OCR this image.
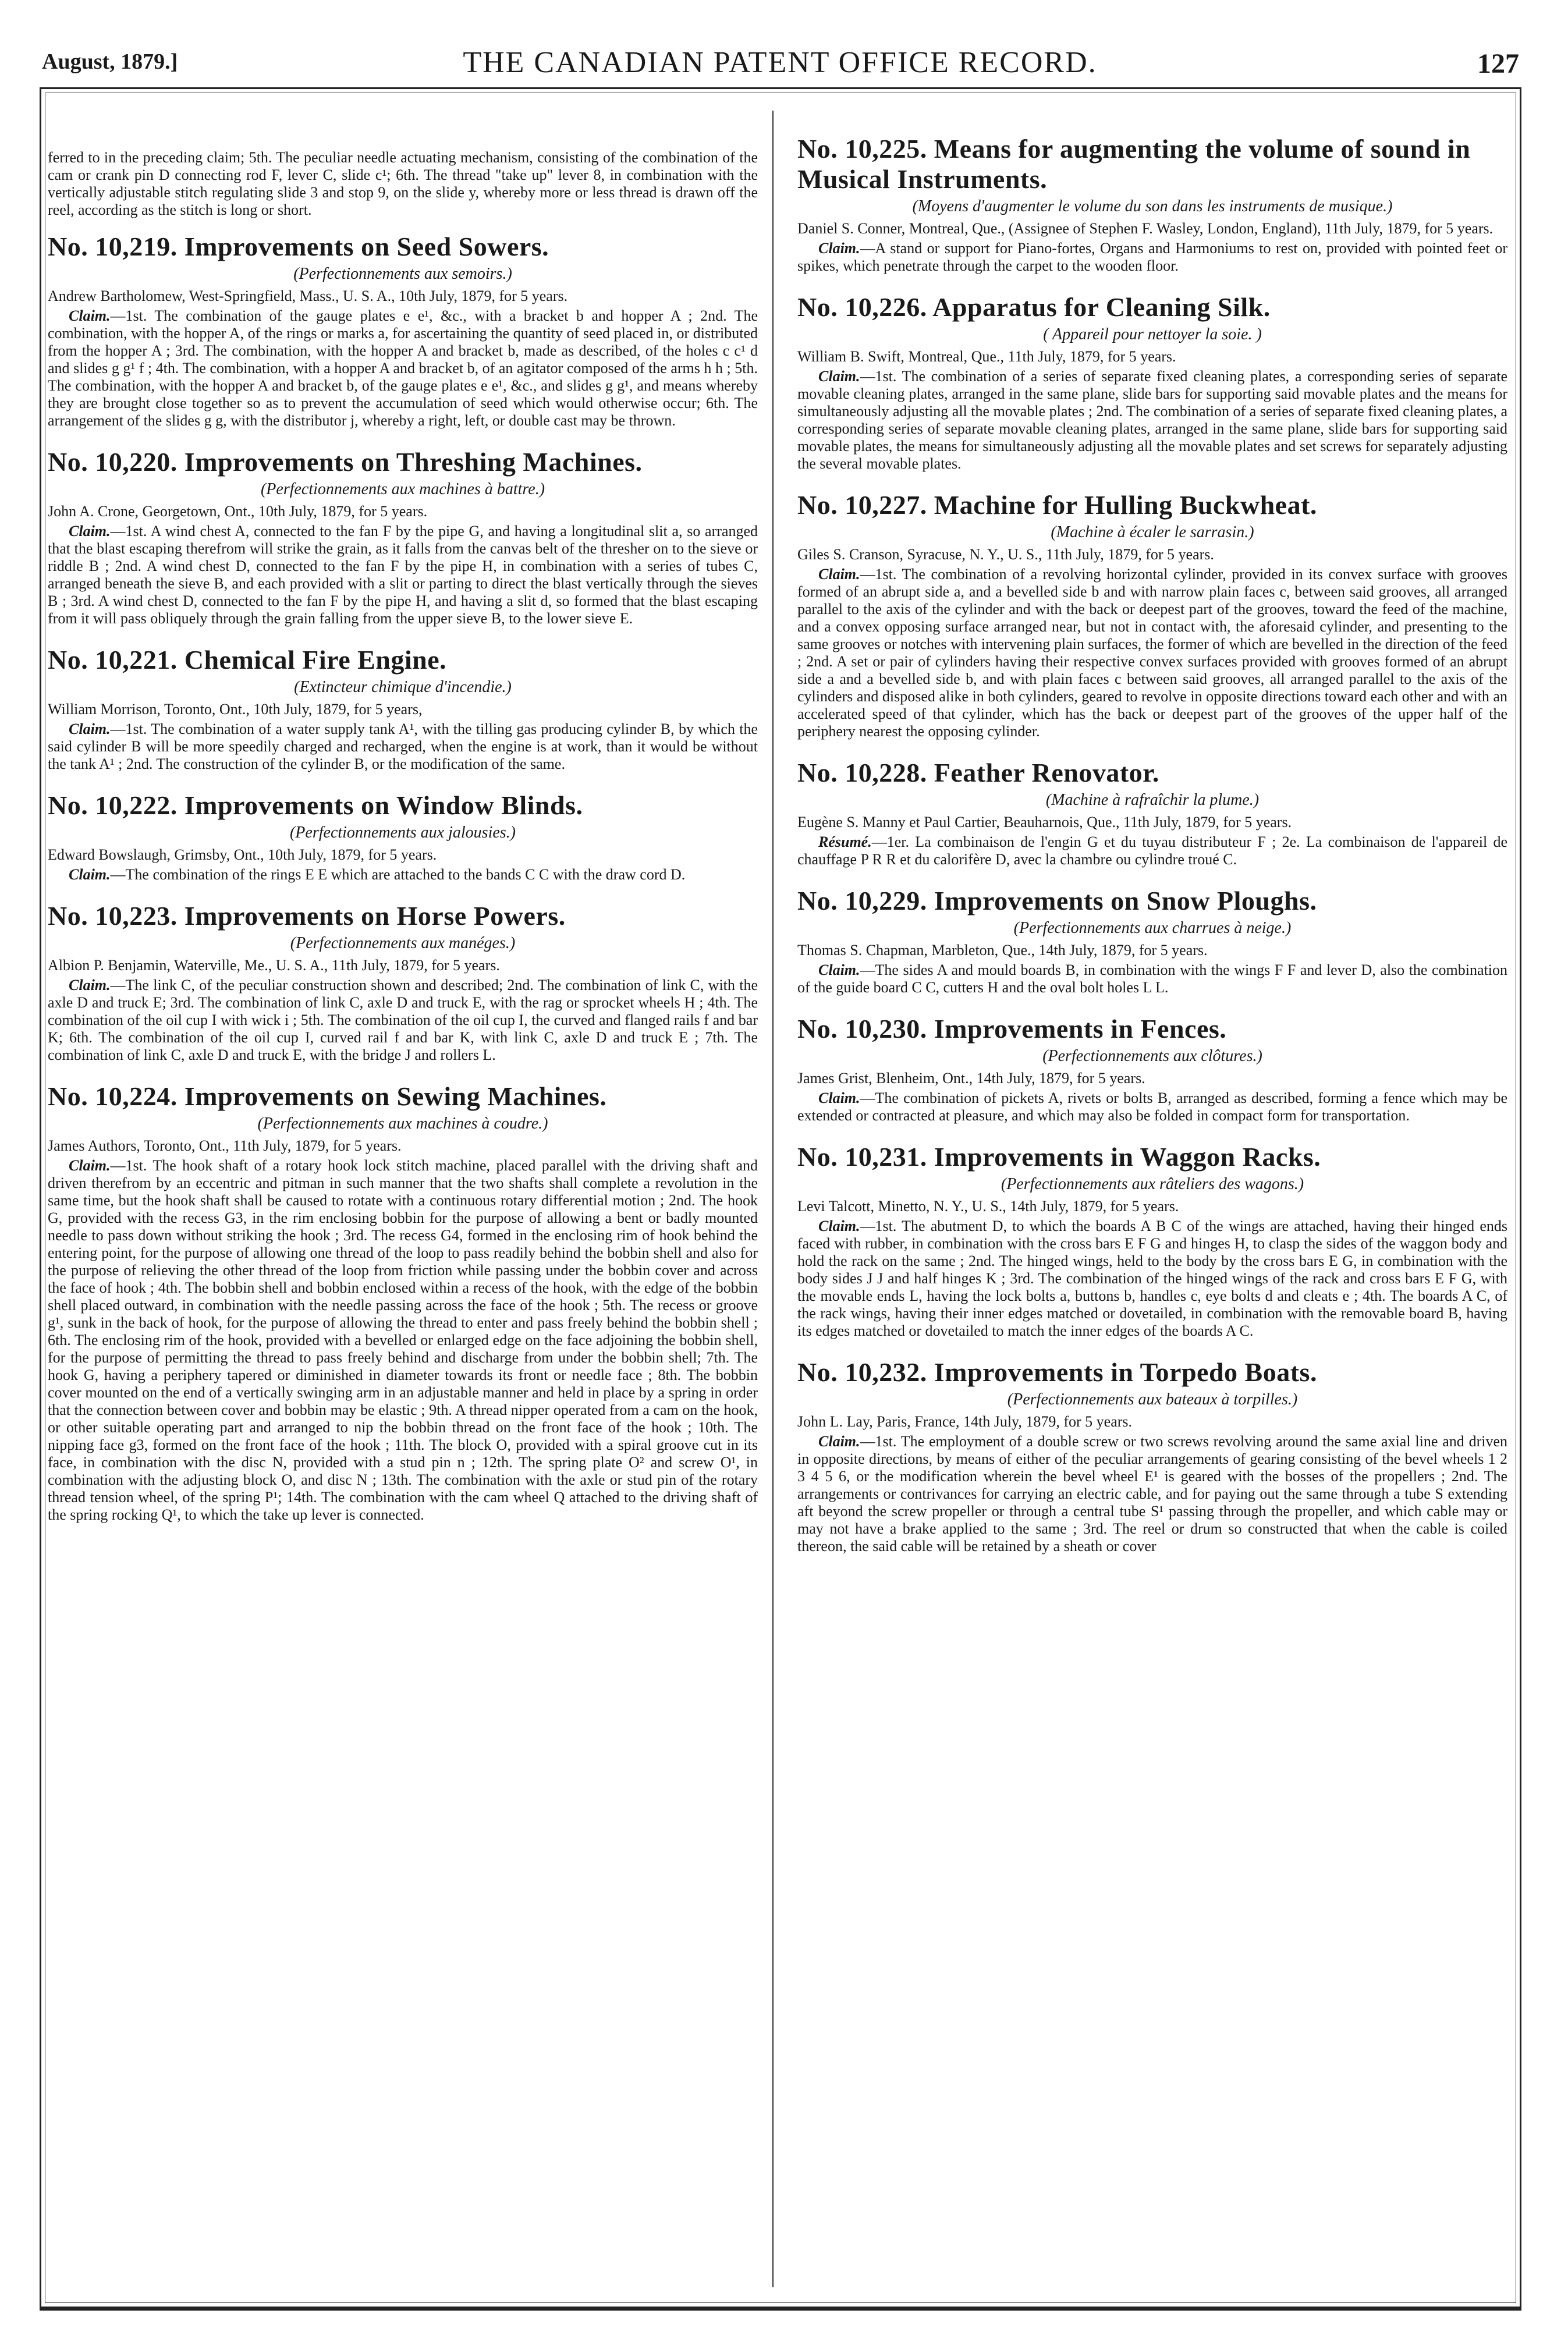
August, 1879.]	THE CANADIAN PATENT OFFICE RECORD.	127

ferred to in the preceding claim; 5th. The peculiar needle actuating mechanism, consisting of the combination of the cam or crank pin D connecting rod F, lever C, slide c¹; 6th. The thread "take up" lever 8, in combination with the vertically adjustable stitch regulating slide 3 and stop 9, on the slide y, whereby more or less thread is drawn off the reel, according as the stitch is long or short.

No. 10,219. Improvements on Seed Sowers.
(Perfectionnements aux semoirs.)

Andrew Bartholomew, West-Springfield, Mass., U. S. A., 10th July, 1879, for 5 years.

Claim.—1st. The combination of the gauge plates e e¹, &c., with a bracket b and hopper A ; 2nd. The combination, with the hopper A, of the rings or marks a, for ascertaining the quantity of seed placed in, or distributed from the hopper A ; 3rd. The combination, with the hopper A and bracket b, made as described, of the holes c c¹ d and slides g g¹ f ; 4th. The combination, with a hopper A and bracket b, of an agitator composed of the arms h h ; 5th. The combination, with the hopper A and bracket b, of the gauge plates e e¹, &c., and slides g g¹, and means whereby they are brought close together so as to prevent the accumulation of seed which would otherwise occur; 6th. The arrangement of the slides g g, with the distributor j, whereby a right, left, or double cast may be thrown.

No. 10,220. Improvements on Threshing Machines.
(Perfectionnements aux machines à battre.)

John A. Crone, Georgetown, Ont., 10th July, 1879, for 5 years.

Claim.—1st. A wind chest A, connected to the fan F by the pipe G, and having a longitudinal slit a, so arranged that the blast escaping therefrom will strike the grain, as it falls from the canvas belt of the thresher on to the sieve or riddle B ; 2nd. A wind chest D, connected to the fan F by the pipe H, in combination with a series of tubes C, arranged beneath the sieve B, and each provided with a slit or parting to direct the blast vertically through the sieves B ; 3rd. A wind chest D, connected to the fan F by the pipe H, and having a slit d, so formed that the blast escaping from it will pass obliquely through the grain falling from the upper sieve B, to the lower sieve E.

No. 10,221. Chemical Fire Engine.
(Extincteur chimique d'incendie.)

William Morrison, Toronto, Ont., 10th July, 1879, for 5 years,

Claim.—1st. The combination of a water supply tank A¹, with the tilling gas producing cylinder B, by which the said cylinder B will be more speedily charged and recharged, when the engine is at work, than it would be without the tank A¹ ; 2nd. The construction of the cylinder B, or the modification of the same.

No. 10,222. Improvements on Window Blinds.
(Perfectionnements aux jalousies.)

Edward Bowslaugh, Grimsby, Ont., 10th July, 1879, for 5 years.

Claim.—The combination of the rings E E which are attached to the bands C C with the draw cord D.

No. 10,223. Improvements on Horse Powers.
(Perfectionnements aux manéges.)

Albion P. Benjamin, Waterville, Me., U. S. A., 11th July, 1879, for 5 years.

Claim.—The link C, of the peculiar construction shown and described; 2nd. The combination of link C, with the axle D and truck E; 3rd. The combination of link C, axle D and truck E, with the rag or sprocket wheels H ; 4th. The combination of the oil cup I with wick i ; 5th. The combination of the oil cup I, the curved and flanged rails f and bar K; 6th. The combination of the oil cup I, curved rail f and bar K, with link C, axle D and truck E ; 7th. The combination of link C, axle D and truck E, with the bridge J and rollers L.

No. 10,224. Improvements on Sewing Machines.
(Perfectionnements aux machines à coudre.)

James Authors, Toronto, Ont., 11th July, 1879, for 5 years.

Claim.—1st. The hook shaft of a rotary hook lock stitch machine, placed parallel with the driving shaft and driven therefrom by an eccentric and pitman in such manner that the two shafts shall complete a revolution in the same time, but the hook shaft shall be caused to rotate with a continuous rotary differential motion ; 2nd. The hook G, provided with the recess G3, in the rim enclosing bobbin for the purpose of allowing a bent or badly mounted needle to pass down without striking the hook ; 3rd. The recess G4, formed in the enclosing rim of hook behind the entering point, for the purpose of allowing one thread of the loop to pass readily behind the bobbin shell and also for the purpose of relieving the other thread of the loop from friction while passing under the bobbin cover and across the face of hook ; 4th. The bobbin shell and bobbin enclosed within a recess of the hook, with the edge of the bobbin shell placed outward, in combination with the needle passing across the face of the hook ; 5th. The recess or groove g¹, sunk in the back of hook, for the purpose of allowing the thread to enter and pass freely behind the bobbin shell ; 6th. The enclosing rim of the hook, provided with a bevelled or enlarged edge on the face adjoining the bobbin shell, for the purpose of permitting the thread to pass freely behind and discharge from under the bobbin shell; 7th. The hook G, having a periphery tapered or diminished in diameter towards its front or needle face ; 8th. The bobbin cover mounted on the end of a vertically swinging arm in an adjustable manner and held in place by a spring in order that the connection between cover and bobbin may be elastic ; 9th. A thread nipper operated from a cam on the hook, or other suitable operating part and arranged to nip the bobbin thread on the front face of the hook ; 10th. The nipping face g3, formed on the front face of the hook ; 11th. The block O, provided with a spiral groove cut in its face, in combination with the disc N, provided with a stud pin n ; 12th. The spring plate O² and screw O¹, in combination with the adjusting block O, and disc N ; 13th. The combination with the axle or stud pin of the rotary thread tension wheel, of the spring P¹; 14th. The combination with the cam wheel Q attached to the driving shaft of the spring rocking Q¹, to which the take up lever is connected.

No. 10,225. Means for augmenting the volume of sound in Musical Instruments.
(Moyens d'augmenter le volume du son dans les instruments de musique.)

Daniel S. Conner, Montreal, Que., (Assignee of Stephen F. Wasley, London, England), 11th July, 1879, for 5 years.

Claim.—A stand or support for Piano-fortes, Organs and Harmoniums to rest on, provided with pointed feet or spikes, which penetrate through the carpet to the wooden floor.

No. 10,226. Apparatus for Cleaning Silk.
( Appareil pour nettoyer la soie. )

William B. Swift, Montreal, Que., 11th July, 1879, for 5 years.

Claim.—1st. The combination of a series of separate fixed cleaning plates, a corresponding series of separate movable cleaning plates, arranged in the same plane, slide bars for supporting said movable plates and the means for simultaneously adjusting all the movable plates ; 2nd. The combination of a series of separate fixed cleaning plates, a corresponding series of separate movable cleaning plates, arranged in the same plane, slide bars for supporting said movable plates, the means for simultaneously adjusting all the movable plates and set screws for separately adjusting the several movable plates.

No. 10,227. Machine for Hulling Buckwheat.
(Machine à écaler le sarrasin.)

Giles S. Cranson, Syracuse, N. Y., U. S., 11th July, 1879, for 5 years.

Claim.—1st. The combination of a revolving horizontal cylinder, provided in its convex surface with grooves formed of an abrupt side a, and a bevelled side b and with narrow plain faces c, between said grooves, all arranged parallel to the axis of the cylinder and with the back or deepest part of the grooves, toward the feed of the machine, and a convex opposing surface arranged near, but not in contact with, the aforesaid cylinder, and presenting to the same grooves or notches with intervening plain surfaces, the former of which are bevelled in the direction of the feed ; 2nd. A set or pair of cylinders having their respective convex surfaces provided with grooves formed of an abrupt side a and a bevelled side b, and with plain faces c between said grooves, all arranged parallel to the axis of the cylinders and disposed alike in both cylinders, geared to revolve in opposite directions toward each other and with an accelerated speed of that cylinder, which has the back or deepest part of the grooves of the upper half of the periphery nearest the opposing cylinder.

No. 10,228. Feather Renovator.
(Machine à rafraîchir la plume.)

Eugène S. Manny et Paul Cartier, Beauharnois, Que., 11th July, 1879, for 5 years.

Résumé.—1er. La combinaison de l'engin G et du tuyau distributeur F ; 2e. La combinaison de l'appareil de chauffage P R R et du calorifère D, avec la chambre ou cylindre troué C.

No. 10,229. Improvements on Snow Ploughs.
(Perfectionnements aux charrues à neige.)

Thomas S. Chapman, Marbleton, Que., 14th July, 1879, for 5 years.

Claim.—The sides A and mould boards B, in combination with the wings F F and lever D, also the combination of the guide board C C, cutters H and the oval bolt holes L L.

No. 10,230. Improvements in Fences.
(Perfectionnements aux clôtures.)

James Grist, Blenheim, Ont., 14th July, 1879, for 5 years.

Claim.—The combination of pickets A, rivets or bolts B, arranged as described, forming a fence which may be extended or contracted at pleasure, and which may also be folded in compact form for transportation.

No. 10,231. Improvements in Waggon Racks.
(Perfectionnements aux râteliers des wagons.)

Levi Talcott, Minetto, N. Y., U. S., 14th July, 1879, for 5 years.

Claim.—1st. The abutment D, to which the boards A B C of the wings are attached, having their hinged ends faced with rubber, in combination with the cross bars E F G and hinges H, to clasp the sides of the waggon body and hold the rack on the same ; 2nd. The hinged wings, held to the body by the cross bars E G, in combination with the body sides J J and half hinges K ; 3rd. The combination of the hinged wings of the rack and cross bars E F G, with the movable ends L, having the lock bolts a, buttons b, handles c, eye bolts d and cleats e ; 4th. The boards A C, of the rack wings, having their inner edges matched or dovetailed, in combination with the removable board B, having its edges matched or dovetailed to match the inner edges of the boards A C.

No. 10,232. Improvements in Torpedo Boats.
(Perfectionnements aux bateaux à torpilles.)

John L. Lay, Paris, France, 14th July, 1879, for 5 years.

Claim.—1st. The employment of a double screw or two screws revolving around the same axial line and driven in opposite directions, by means of either of the peculiar arrangements of gearing consisting of the bevel wheels 1 2 3 4 5 6, or the modification wherein the bevel wheel E¹ is geared with the bosses of the propellers ; 2nd. The arrangements or contrivances for carrying an electric cable, and for paying out the same through a tube S extending aft beyond the screw propeller or through a central tube S¹ passing through the propeller, and which cable may or may not have a brake applied to the same ; 3rd. The reel or drum so constructed that when the cable is coiled thereon, the said cable will be retained by a sheath or cover
